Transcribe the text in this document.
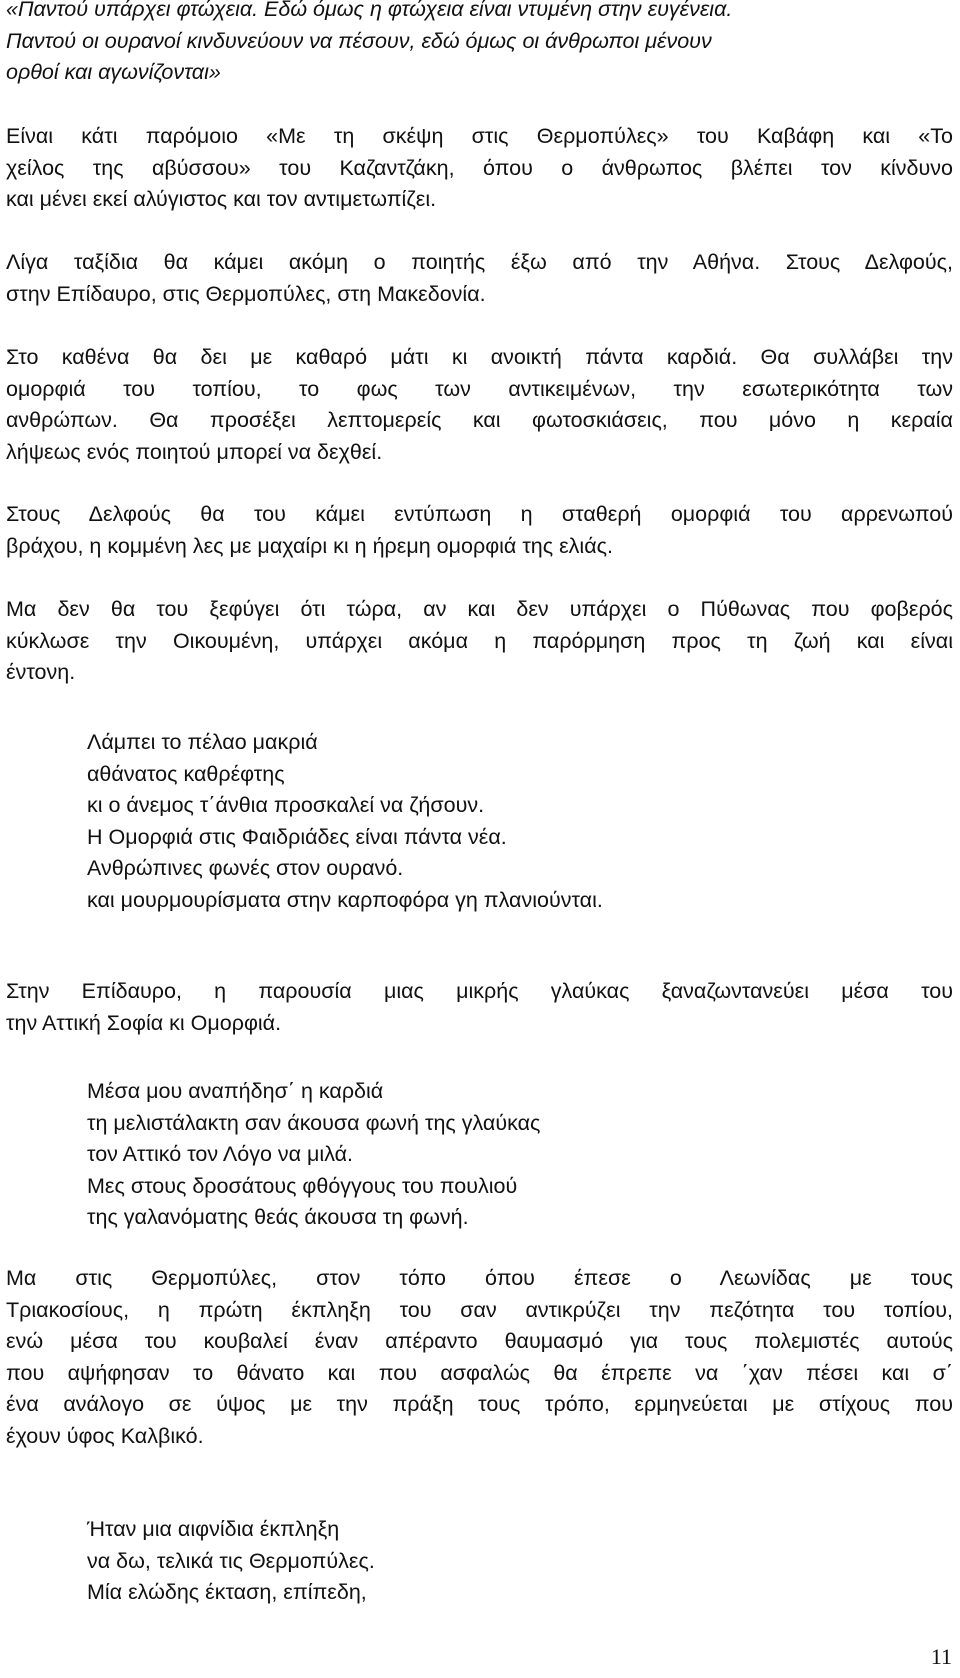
«Παντού υπάρχει φτώχεια. Εδώ όμως η φτώχεια είναι ντυμένη στην ευγένεια.
Παντού οι ουρανοί κινδυνεύουν να πέσουν, εδώ όμως οι άνθρωποι μένουν
ορθοί και αγωνίζονται»
Είναι κάτι παρόμοιο «Με τη σκέψη στις Θερμοπύλες» του Καβάφη και «Το
χείλος της αβύσσου» του Καζαντζάκη, όπου ο άνθρωπος βλέπει τον κίνδυνο
και μένει εκεί αλύγιστος και τον αντιμετωπίζει.
Λίγα ταξίδια θα κάμει ακόμη ο ποιητής έξω από την Αθήνα. Στους Δελφούς,
στην Επίδαυρο, στις Θερμοπύλες, στη Μακεδονία.
Στο καθένα θα δει με καθαρό μάτι κι ανοικτή πάντα καρδιά. Θα συλλάβει την
ομορφιά του τοπίου, το φως των αντικειμένων, την εσωτερικότητα των
ανθρώπων. Θα προσέξει λεπτομερείς και φωτοσκιάσεις, που μόνο η κεραία
λήψεως ενός ποιητού μπορεί να δεχθεί.
Στους Δελφούς θα του κάμει εντύπωση η σταθερή ομορφιά του αρρενωπού
βράχου, η κομμένη λες με μαχαίρι κι η ήρεμη ομορφιά της ελιάς.
Μα δεν θα του ξεφύγει ότι τώρα, αν και δεν υπάρχει ο Πύθωνας που φοβερός
κύκλωσε την Οικουμένη, υπάρχει ακόμα η παρόρμηση προς τη ζωή και είναι
έντονη.
Λάμπει το πέλαο μακριά
αθάνατος καθρέφτης
κι ο άνεμος τ΄άνθια προσκαλεί να ζήσουν.
Η Ομορφιά στις Φαιδριάδες είναι πάντα νέα.
Ανθρώπινες φωνές στον ουρανό.
και μουρμουρίσματα στην καρποφόρα γη πλανιούνται.
Στην Επίδαυρο, η παρουσία μιας μικρής γλαύκας ξαναζωντανεύει μέσα του
την Αττική Σοφία κι Ομορφιά.
Μέσα μου αναπήδησ΄ η καρδιά
τη μελιστάλακτη σαν άκουσα φωνή της γλαύκας
τον Αττικό τον Λόγο να μιλά.
Μες στους δροσάτους φθόγγους του πουλιού
της γαλανόματης θεάς άκουσα τη φωνή.
Μα στις Θερμοπύλες, στον τόπο όπου έπεσε ο Λεωνίδας με τους
Τριακοσίους, η πρώτη έκπληξη του σαν αντικρύζει την πεζότητα του τοπίου,
ενώ μέσα του κουβαλεί έναν απέραντο θαυμασμό για τους πολεμιστές αυτούς
που αψήφησαν το θάνατο και που ασφαλώς θα έπρεπε να ΄χαν πέσει και σ΄
ένα ανάλογο σε ύψος με την πράξη τους τρόπο, ερμηνεύεται με στίχους που
έχουν ύφος Καλβικό.
Ήταν μια αιφνίδια έκπληξη
να δω, τελικά τις Θερμοπύλες.
Μία ελώδης έκταση, επίπεδη,
11
